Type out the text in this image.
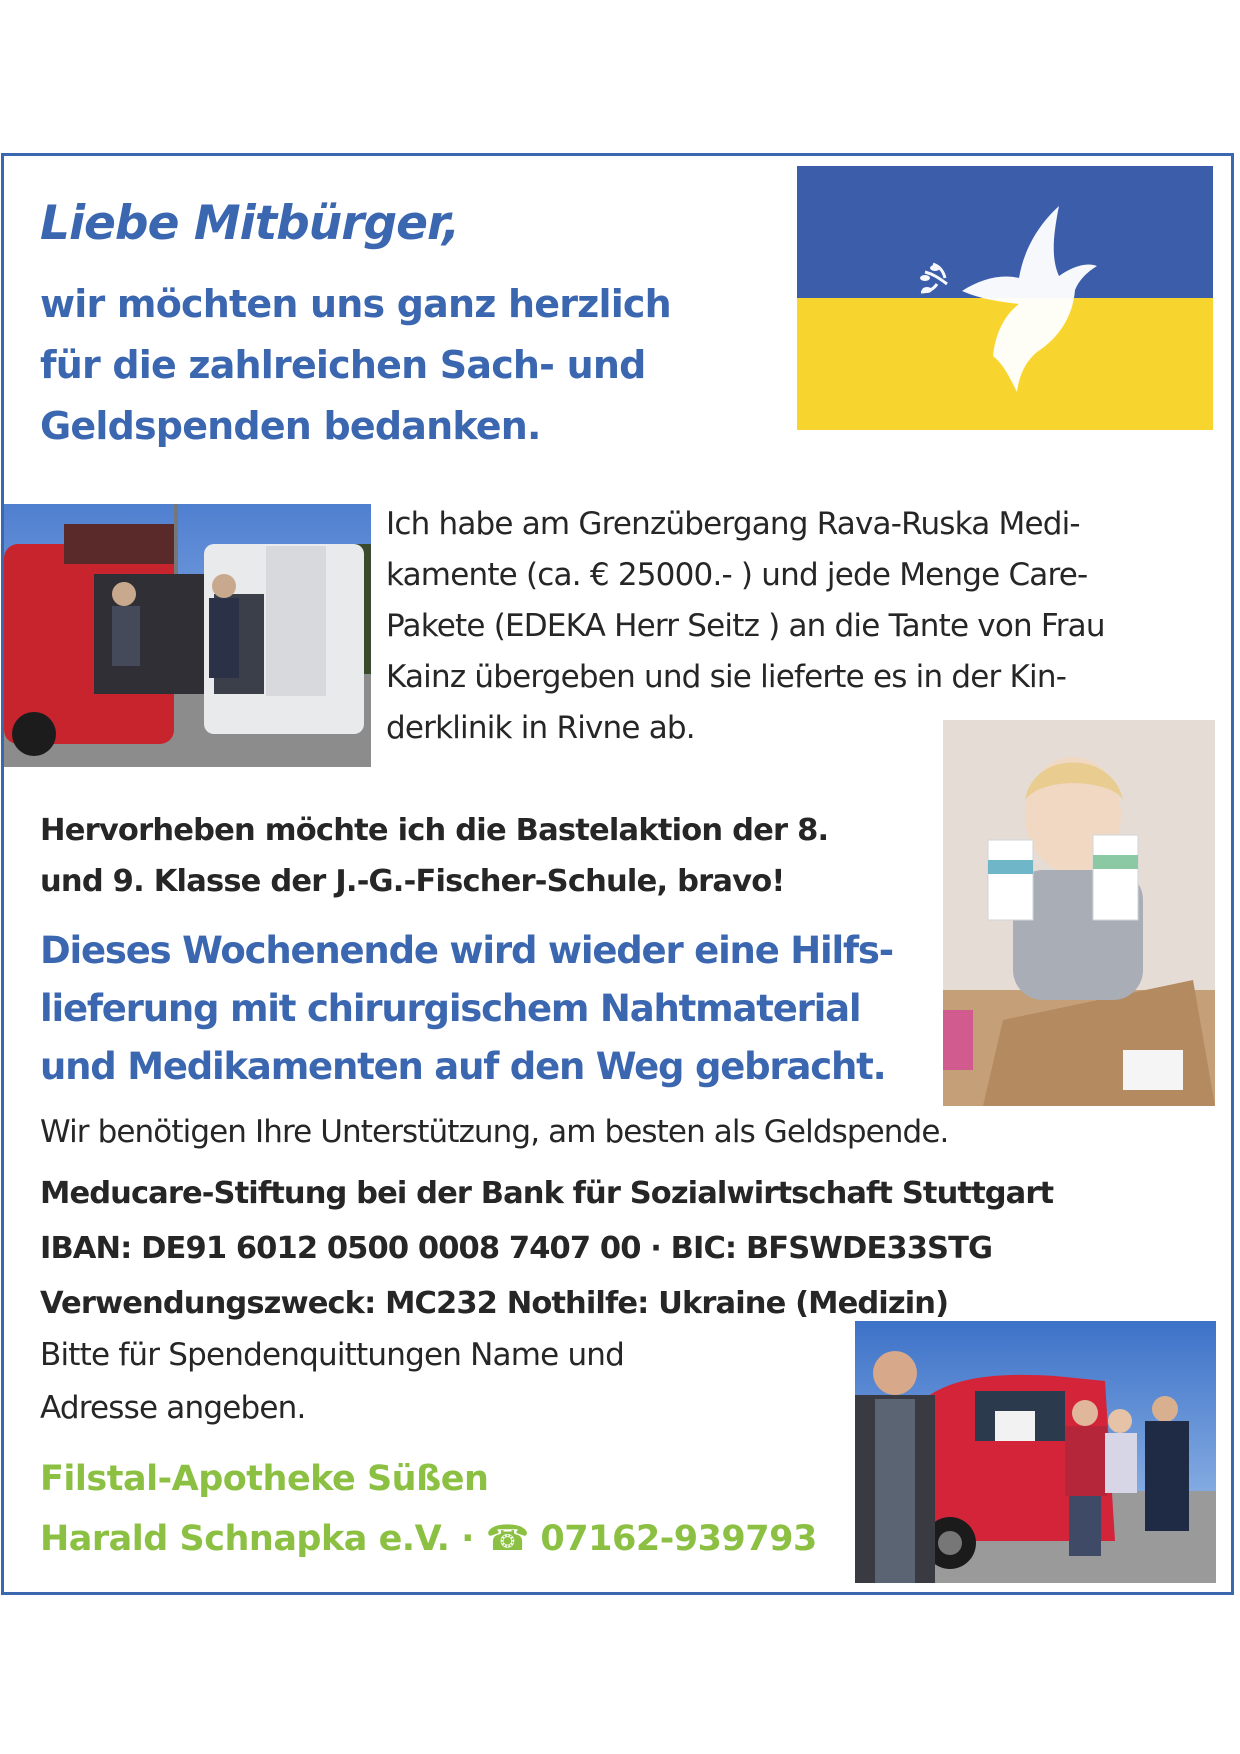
Liebe Mitbürger,
wir möchten uns ganz herzlich
für die zahlreichen Sach- und
Geldspenden bedanken.
Ich habe am Grenzübergang Rava-Ruska Medi-
kamente (ca. € 25000.- ) und jede Menge Care-
Pakete (EDEKA Herr Seitz ) an die Tante von Frau
Kainz übergeben und sie lieferte es in der Kin-
derklinik in Rivne ab.
Hervorheben möchte ich die Bastelaktion der 8.
und 9. Klasse der J.-G.-Fischer-Schule, bravo!
Dieses Wochenende wird wieder eine Hilfs-
lieferung mit chirurgischem Nahtmaterial
und Medikamenten auf den Weg gebracht.
Wir benötigen Ihre Unterstützung, am besten als Geldspende.
Meducare-Stiftung bei der Bank für Sozialwirtschaft Stuttgart
IBAN: DE91 6012 0500 0008 7407 00 · BIC: BFSWDE33STG
Verwendungszweck: MC232 Nothilfe: Ukraine (Medizin)
Bitte für Spendenquittungen Name und
Adresse angeben.
Filstal-Apotheke Süßen
Harald Schnapka e.V. · ☎ 07162-939793
